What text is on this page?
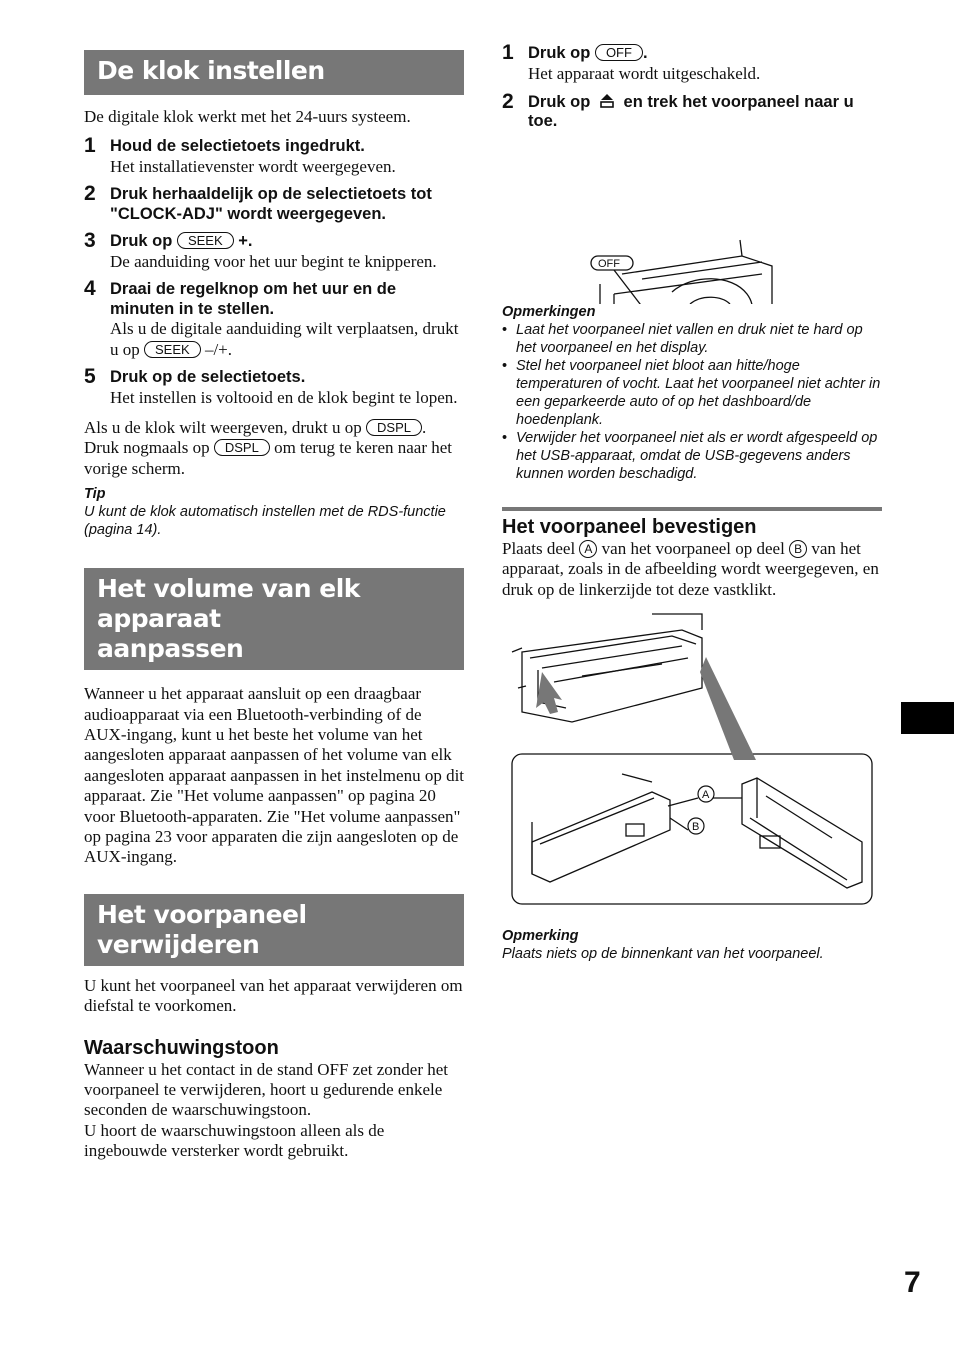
De klok instellen

De digitale klok werkt met het 24-uurs systeem.

1 Houd de selectietoets ingedrukt.
Het installatievenster wordt weergegeven.
2 Druk herhaaldelijk op de selectietoets tot "CLOCK-ADJ" wordt weergegeven.
3 Druk op SEEK +.
De aanduiding voor het uur begint te knipperen.
4 Draai de regelknop om het uur en de minuten in te stellen.
Als u de digitale aanduiding wilt verplaatsen, drukt u op SEEK –/+.
5 Druk op de selectietoets.
Het instellen is voltooid en de klok begint te lopen.

Als u de klok wilt weergeven, drukt u op DSPL . Druk nogmaals op DSPL om terug te keren naar het vorige scherm.

Tip
U kunt de klok automatisch instellen met de RDS-functie (pagina 14).
Het volume van elk apparaat
aanpassen

Wanneer u het apparaat aansluit op een draagbaar audioapparaat via een Bluetooth-verbinding of de AUX-ingang, kunt u het beste het volume van het aangesloten apparaat aanpassen of het volume van elk aangesloten apparaat aanpassen in het instelmenu op dit apparaat. Zie "Het volume aanpassen" op pagina 20 voor Bluetooth-apparaten. Zie "Het volume aanpassen" op pagina 23 voor apparaten die zijn aangesloten op de AUX-ingang.

Het voorpaneel verwijderen

U kunt het voorpaneel van het apparaat verwijderen om diefstal te voorkomen.

Waarschuwingstoon

Wanneer u het contact in de stand OFF zet zonder het voorpaneel te verwijderen, hoort u gedurende enkele seconden de waarschuwingstoon.

U hoort de waarschuwingstoon alleen als de ingebouwde versterker wordt gebruikt.

1 Druk op OFF .
Het apparaat wordt uitgeschakeld.
2 Druk op en trek het voorpaneel naar u toe.
OFF
Opmerkingen
• Laat het voorpaneel niet vallen en druk niet te hard op het voorpaneel en het display.
• Stel het voorpaneel niet bloot aan hitte/hoge temperaturen of vocht. Laat het voorpaneel niet achter in een geparkeerde auto of op het dashboard/de hoedenplank.
• Verwijder het voorpaneel niet als er wordt afgespeeld op het USB-apparaat, omdat de USB-gegevens anders kunnen worden beschadigd.
Het voorpaneel bevestigen

Plaats deel A van het voorpaneel op deel B van het apparaat, zoals in de afbeelding wordt weergegeven, en druk op de linkerzijde tot deze vastklikt.

A
B
Opmerking
Plaats niets op de binnenkant van het voorpaneel.
7
